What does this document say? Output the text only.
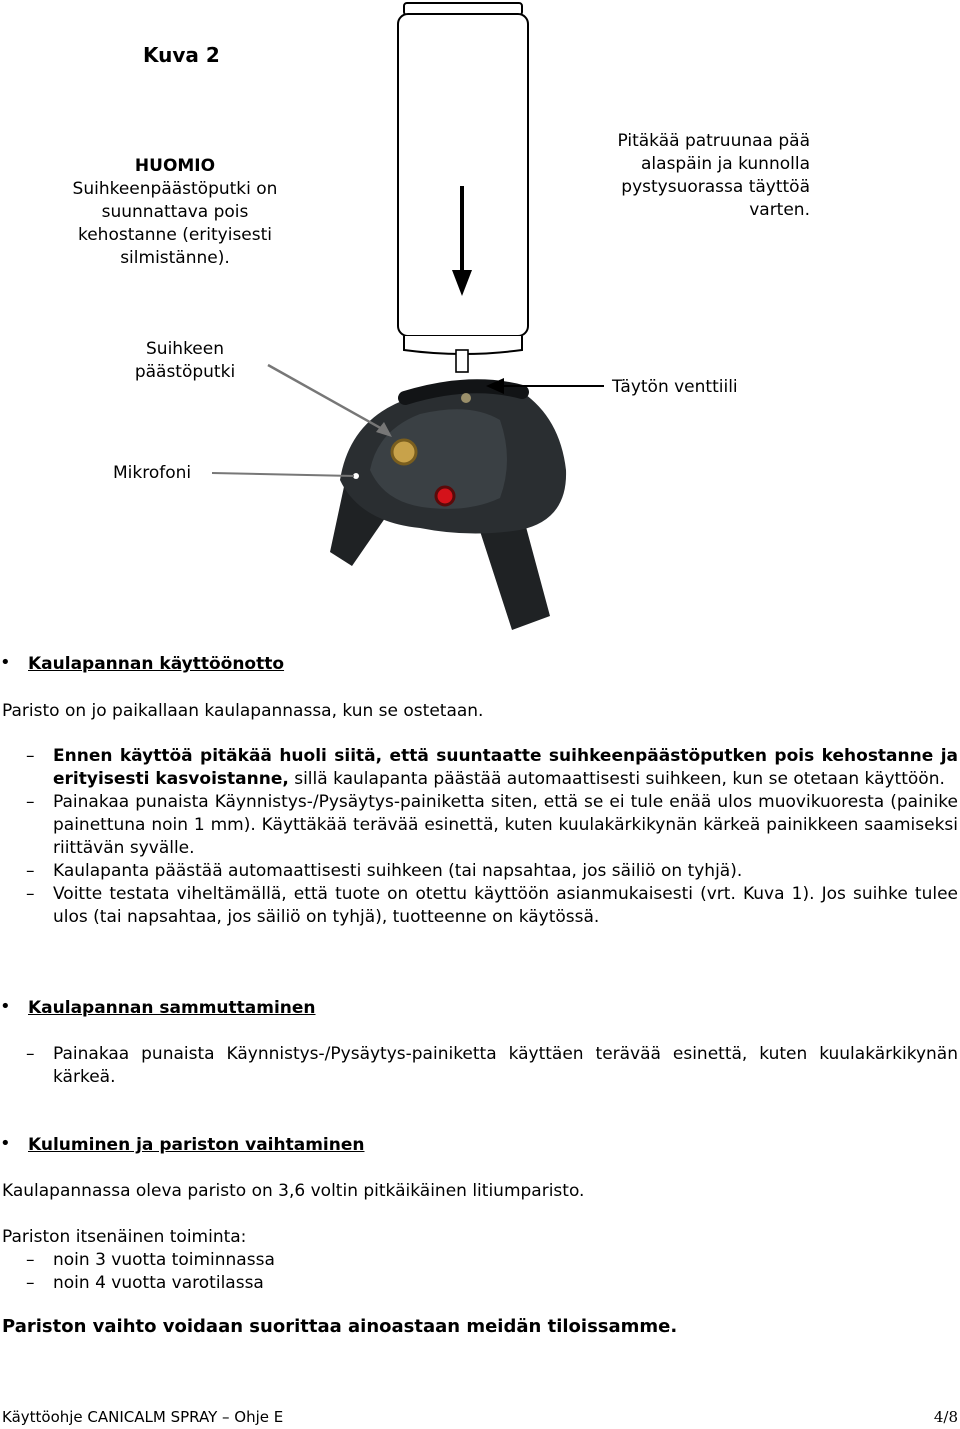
Kuva 2
HUOMIO
Suihkeenpäästöputki on suunnattava pois kehostanne (erityisesti silmistänne).
Pitäkää patruunaa pää alaspäin ja kunnolla pystysuorassa täyttöä varten.
Suihkeen
päästöputki
Täytön venttiili
Mikrofoni
• Kaulapannan käyttöönotto
Paristo on jo paikallaan kaulapannassa, kun se ostetaan.
– Ennen käyttöä pitäkää huoli siitä, että suuntaatte suihkeenpäästöputken pois kehostanne ja erityisesti kasvoistanne, sillä kaulapanta päästää automaattisesti suihkeen, kun se otetaan käyttöön.
– Painakaa punaista Käynnistys-/Pysäytys-painiketta siten, että se ei tule enää ulos muovikuoresta (painike painettuna noin 1 mm). Käyttäkää terävää esinettä, kuten kuulakärkikynän kärkeä painikkeen saamiseksi riittävän syvälle.
– Kaulapanta päästää automaattisesti suihkeen (tai napsahtaa, jos säiliö on tyhjä).
– Voitte testata viheltämällä, että tuote on otettu käyttöön asianmukaisesti (vrt. Kuva 1). Jos suihke tulee ulos (tai napsahtaa, jos säiliö on tyhjä), tuotteenne on käytössä.
• Kaulapannan sammuttaminen
– Painakaa punaista Käynnistys-/Pysäytys-painiketta käyttäen terävää esinettä, kuten kuulakärkikynän kärkeä.
• Kuluminen ja pariston vaihtaminen
Kaulapannassa oleva paristo on 3,6 voltin pitkäikäinen litiumparisto.
Pariston itsenäinen toiminta:
– noin 3 vuotta toiminnassa
– noin 4 vuotta varotilassa
Pariston vaihto voidaan suorittaa ainoastaan meidän tiloissamme.
Käyttöohje CANICALM SPRAY – Ohje E	4/8
